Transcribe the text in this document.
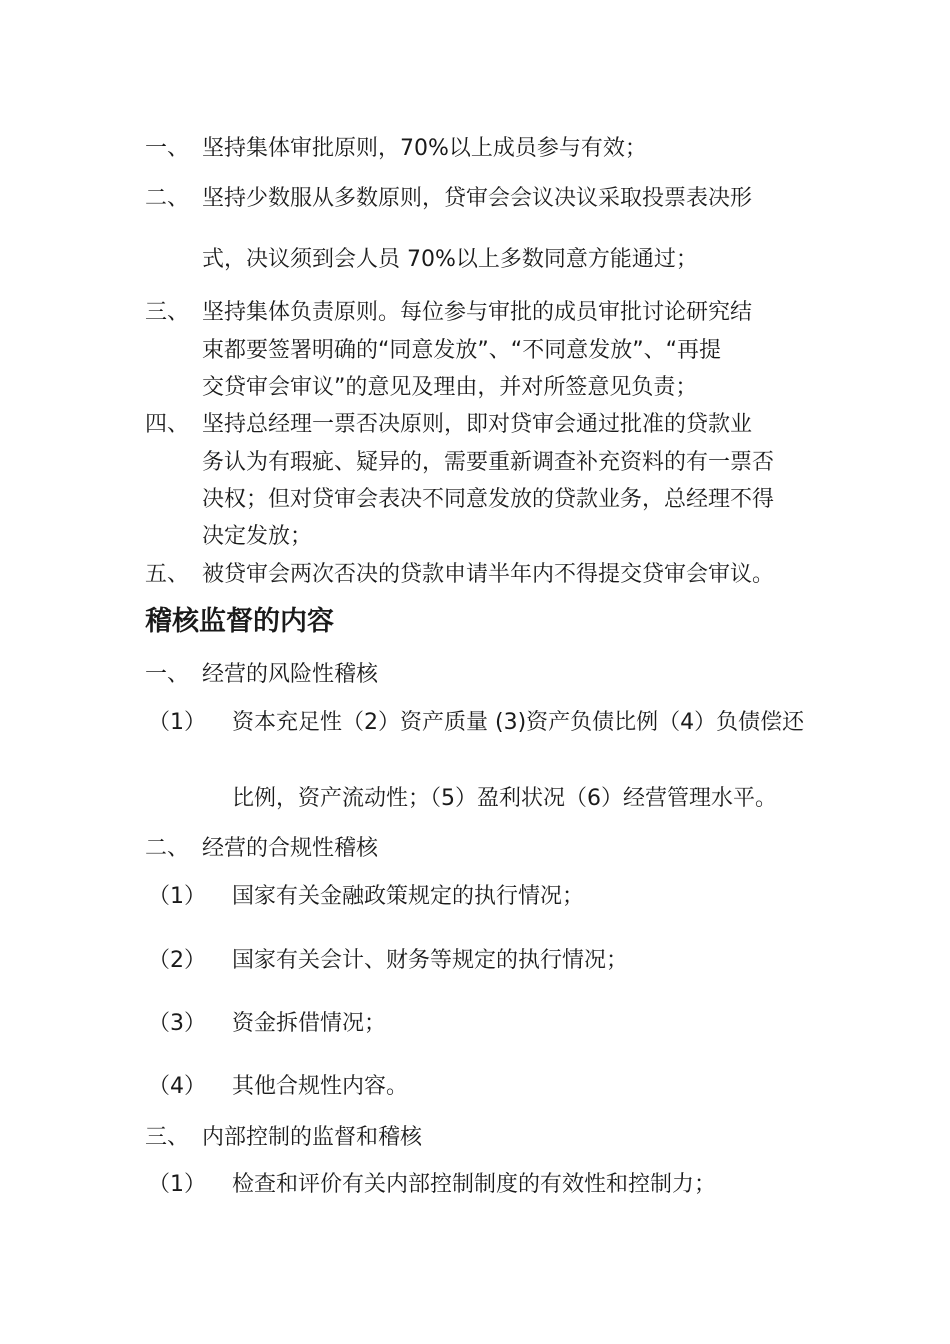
一、 坚持集体审批原则，70%以上成员参与有效；
二、 坚持少数服从多数原则，贷审会会议决议采取投票表决形
式，决议须到会人员 70%以上多数同意方能通过；
三、 坚持集体负责原则。每位参与审批的成员审批讨论研究结
束都要签署明确的“同意发放”、“不同意发放”、“再提
交贷审会审议”的意见及理由，并对所签意见负责；
四、 坚持总经理一票否决原则，即对贷审会通过批准的贷款业
务认为有瑕疵、疑异的，需要重新调查补充资料的有一票否
决权；但对贷审会表决不同意发放的贷款业务，总经理不得
决定发放；
五、 被贷审会两次否决的贷款申请半年内不得提交贷审会审议。
稽核监督的内容
一、 经营的风险性稽核
（1） 资本充足性（2）资产质量 (3)资产负债比例（4）负债偿还
比例，资产流动性；（5）盈利状况（6）经营管理水平。
二、 经营的合规性稽核
（1） 国家有关金融政策规定的执行情况；
（2） 国家有关会计、财务等规定的执行情况；
（3） 资金拆借情况；
（4） 其他合规性内容。
三、 内部控制的监督和稽核
（1） 检查和评价有关内部控制制度的有效性和控制力；
